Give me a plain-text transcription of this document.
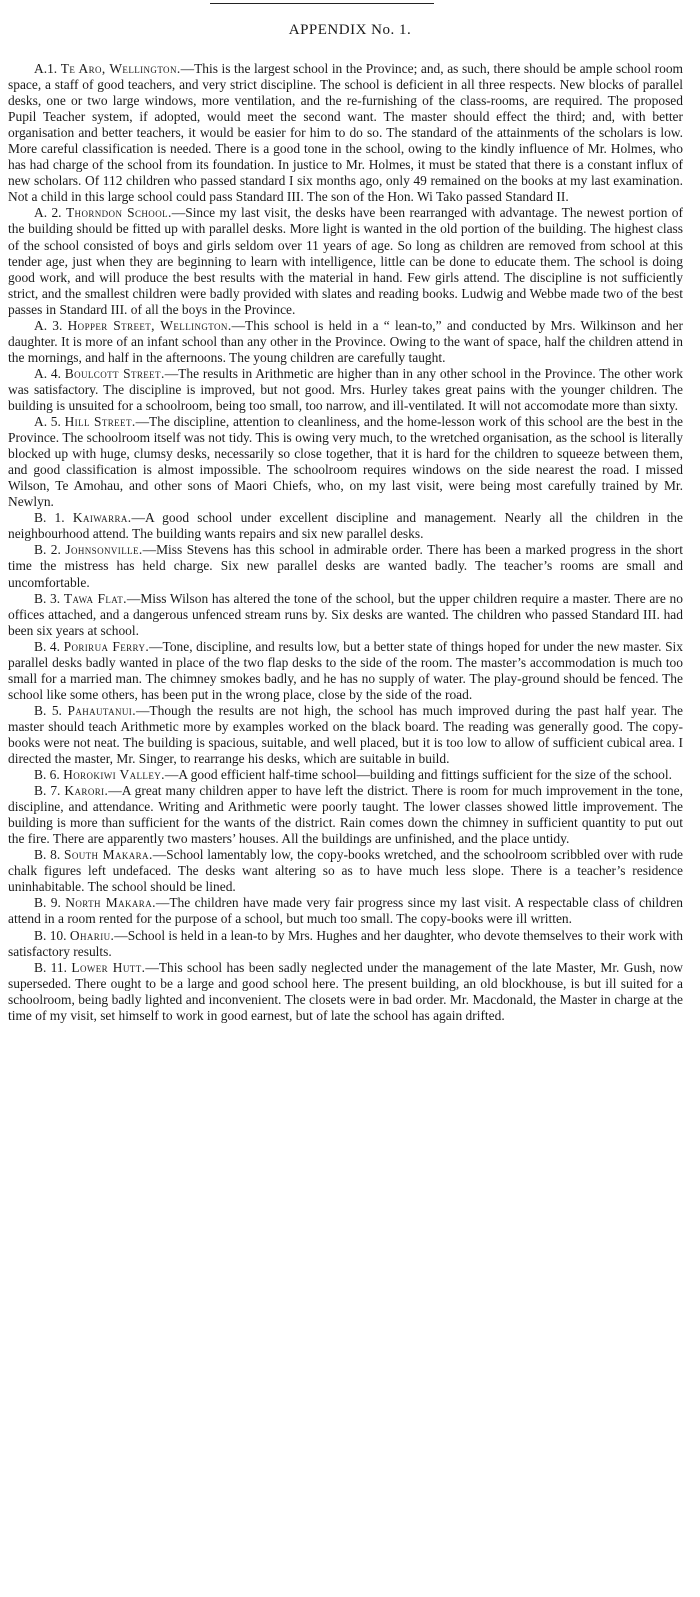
APPENDIX No. 1.

A.1. Te Aro, Wellington.—This is the largest school in the Province; and, as such, there should be ample school room space, a staff of good teachers, and very strict discipline. The school is deficient in all three respects. New blocks of parallel desks, one or two large windows, more ventilation, and the re-furnishing of the class-rooms, are required. The proposed Pupil Teacher system, if adopted, would meet the second want. The master should effect the third; and, with better organisation and better teachers, it would be easier for him to do so. The standard of the attainments of the scholars is low. More careful classification is needed. There is a good tone in the school, owing to the kindly influence of Mr. Holmes, who has had charge of the school from its foundation. In justice to Mr. Holmes, it must be stated that there is a constant influx of new scholars. Of 112 children who passed standard I six months ago, only 49 remained on the books at my last examination. Not a child in this large school could pass Standard III. The son of the Hon. Wi Tako passed Standard II.

A. 2. Thorndon School.—Since my last visit, the desks have been rearranged with advantage. The newest portion of the building should be fitted up with parallel desks. More light is wanted in the old portion of the building. The highest class of the school consisted of boys and girls seldom over 11 years of age. So long as children are removed from school at this tender age, just when they are beginning to learn with intelligence, little can be done to educate them. The school is doing good work, and will produce the best results with the material in hand. Few girls attend. The discipline is not sufficiently strict, and the smallest children were badly provided with slates and reading books. Ludwig and Webbe made two of the best passes in Standard III. of all the boys in the Province.

A. 3. Hopper Street, Wellington.—This school is held in a “ lean-to,” and conducted by Mrs. Wilkinson and her daughter. It is more of an infant school than any other in the Province. Owing to the want of space, half the children attend in the mornings, and half in the afternoons. The young children are carefully taught.

A. 4. Boulcott Street.—The results in Arithmetic are higher than in any other school in the Province. The other work was satisfactory. The discipline is improved, but not good. Mrs. Hurley takes great pains with the younger children. The building is unsuited for a schoolroom, being too small, too narrow, and ill-ventilated. It will not accomodate more than sixty.

A. 5. Hill Street.—The discipline, attention to cleanliness, and the home-lesson work of this school are the best in the Province. The schoolroom itself was not tidy. This is owing very much, to the wretched organisation, as the school is literally blocked up with huge, clumsy desks, necessarily so close together, that it is hard for the children to squeeze between them, and good classification is almost impossible. The schoolroom requires windows on the side nearest the road. I missed Wilson, Te Amohau, and other sons of Maori Chiefs, who, on my last visit, were being most carefully trained by Mr. Newlyn.

B. 1. Kaiwarra.—A good school under excellent discipline and management. Nearly all the children in the neighbourhood attend. The building wants repairs and six new parallel desks.

B. 2. Johnsonville.—Miss Stevens has this school in admirable order. There has been a marked progress in the short time the mistress has held charge. Six new parallel desks are wanted badly. The teacher’s rooms are small and uncomfortable.

B. 3. Tawa Flat.—Miss Wilson has altered the tone of the school, but the upper children require a master. There are no offices attached, and a dangerous unfenced stream runs by. Six desks are wanted. The children who passed Standard III. had been six years at school.

B. 4. Porirua Ferry.—Tone, discipline, and results low, but a better state of things hoped for under the new master. Six parallel desks badly wanted in place of the two flap desks to the side of the room. The master’s accommodation is much too small for a married man. The chimney smokes badly, and he has no supply of water. The play-ground should be fenced. The school like some others, has been put in the wrong place, close by the side of the road.

B. 5. Pahautanui.—Though the results are not high, the school has much improved during the past half year. The master should teach Arithmetic more by examples worked on the black board. The reading was generally good. The copy-books were not neat. The building is spacious, suitable, and well placed, but it is too low to allow of sufficient cubical area. I directed the master, Mr. Singer, to rearrange his desks, which are suitable in build.

B. 6. Horokiwi Valley.—A good efficient half-time school—building and fittings sufficient for the size of the school.

B. 7. Karori.—A great many children apper to have left the district. There is room for much improvement in the tone, discipline, and attendance. Writing and Arithmetic were poorly taught. The lower classes showed little improvement. The building is more than sufficient for the wants of the district. Rain comes down the chimney in sufficient quantity to put out the fire. There are apparently two masters’ houses. All the buildings are unfinished, and the place untidy.

B. 8. South Makara.—School lamentably low, the copy-books wretched, and the schoolroom scribbled over with rude chalk figures left undefaced. The desks want altering so as to have much less slope. There is a teacher’s residence uninhabitable. The school should be lined.

B. 9. North Makara.—The children have made very fair progress since my last visit. A respectable class of children attend in a room rented for the purpose of a school, but much too small. The copy-books were ill written.

B. 10. Ohariu.—School is held in a lean-to by Mrs. Hughes and her daughter, who devote themselves to their work with satisfactory results.

B. 11. Lower Hutt.—This school has been sadly neglected under the management of the late Master, Mr. Gush, now superseded. There ought to be a large and good school here. The present building, an old blockhouse, is but ill suited for a schoolroom, being badly lighted and inconvenient. The closets were in bad order. Mr. Macdonald, the Master in charge at the time of my visit, set himself to work in good earnest, but of late the school has again drifted.
